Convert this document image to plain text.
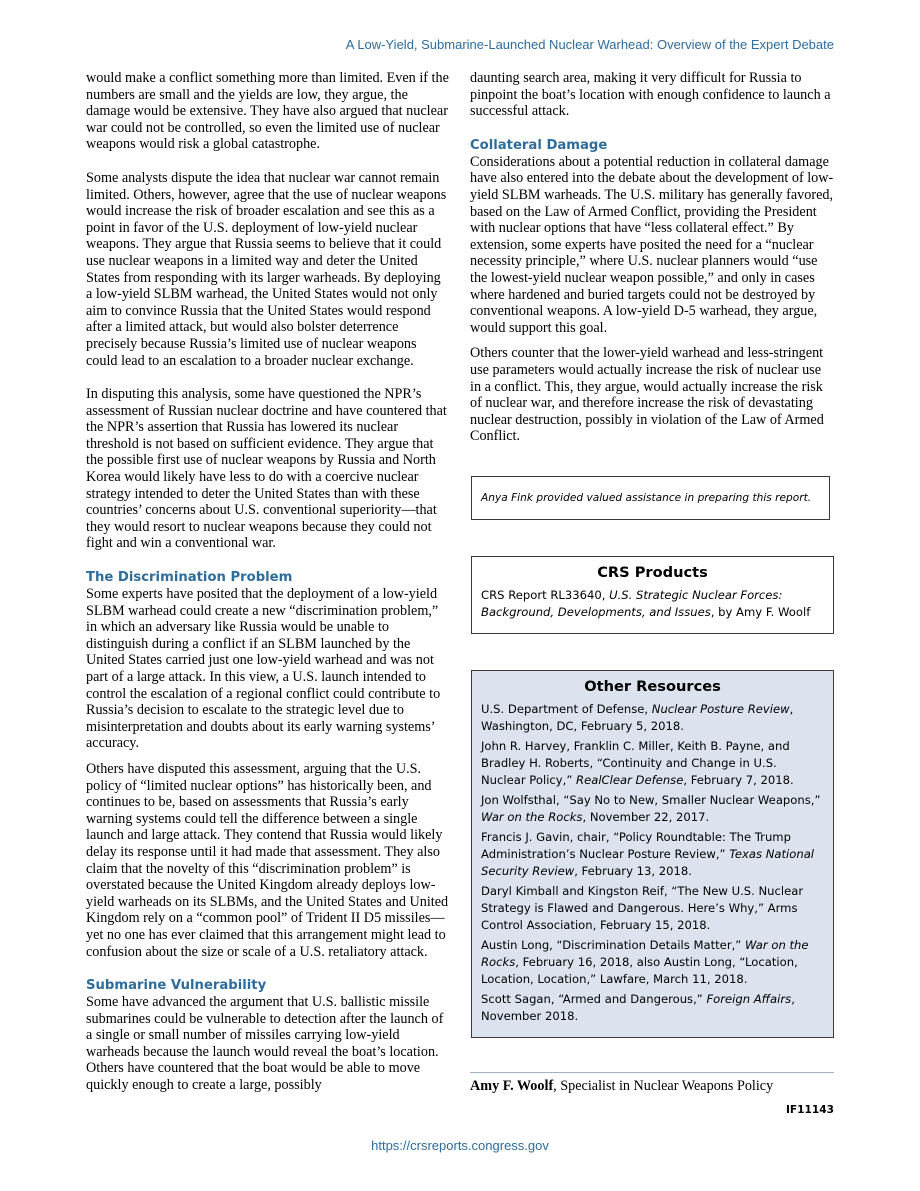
A Low-Yield, Submarine-Launched Nuclear Warhead: Overview of the Expert Debate

would make a conflict something more than limited. Even if the numbers are small and the yields are low, they argue, the damage would be extensive. They have also argued that nuclear war could not be controlled, so even the limited use of nuclear weapons would risk a global catastrophe.

Some analysts dispute the idea that nuclear war cannot remain limited. Others, however, agree that the use of nuclear weapons would increase the risk of broader escalation and see this as a point in favor of the U.S. deployment of low-yield nuclear weapons. They argue that Russia seems to believe that it could use nuclear weapons in a limited way and deter the United States from responding with its larger warheads. By deploying a low-yield SLBM warhead, the United States would not only aim to convince Russia that the United States would respond after a limited attack, but would also bolster deterrence precisely because Russia’s limited use of nuclear weapons could lead to an escalation to a broader nuclear exchange.

In disputing this analysis, some have questioned the NPR’s assessment of Russian nuclear doctrine and have countered that the NPR’s assertion that Russia has lowered its nuclear threshold is not based on sufficient evidence. They argue that the possible first use of nuclear weapons by Russia and North Korea would likely have less to do with a coercive nuclear strategy intended to deter the United States than with these countries’ concerns about U.S. conventional superiority—that they would resort to nuclear weapons because they could not fight and win a conventional war.

The Discrimination Problem

Some experts have posited that the deployment of a low-yield SLBM warhead could create a new “discrimination problem,” in which an adversary like Russia would be unable to distinguish during a conflict if an SLBM launched by the United States carried just one low-yield warhead and was not part of a large attack. In this view, a U.S. launch intended to control the escalation of a regional conflict could contribute to Russia’s decision to escalate to the strategic level due to misinterpretation and doubts about its early warning systems’ accuracy.

Others have disputed this assessment, arguing that the U.S. policy of “limited nuclear options” has historically been, and continues to be, based on assessments that Russia’s early warning systems could tell the difference between a single launch and large attack. They contend that Russia would likely delay its response until it had made that assessment. They also claim that the novelty of this “discrimination problem” is overstated because the United Kingdom already deploys low-yield warheads on its SLBMs, and the United States and United Kingdom rely on a “common pool” of Trident II D5 missiles—yet no one has ever claimed that this arrangement might lead to confusion about the size or scale of a U.S. retaliatory attack.

Submarine Vulnerability

Some have advanced the argument that U.S. ballistic missile submarines could be vulnerable to detection after the launch of a single or small number of missiles carrying low-yield warheads because the launch would reveal the boat’s location. Others have countered that the boat would be able to move quickly enough to create a large, possibly

daunting search area, making it very difficult for Russia to pinpoint the boat’s location with enough confidence to launch a successful attack.

Collateral Damage

Considerations about a potential reduction in collateral damage have also entered into the debate about the development of low-yield SLBM warheads. The U.S. military has generally favored, based on the Law of Armed Conflict, providing the President with nuclear options that have “less collateral effect.” By extension, some experts have posited the need for a “nuclear necessity principle,” where U.S. nuclear planners would “use the lowest-yield nuclear weapon possible,” and only in cases where hardened and buried targets could not be destroyed by conventional weapons. A low-yield D-5 warhead, they argue, would support this goal.

Others counter that the lower-yield warhead and less-stringent use parameters would actually increase the risk of nuclear use in a conflict. This, they argue, would actually increase the risk of nuclear war, and therefore increase the risk of devastating nuclear destruction, possibly in violation of the Law of Armed Conflict.

Anya Fink provided valued assistance in preparing this report.
CRS Products
CRS Report RL33640, U.S. Strategic Nuclear Forces: Background, Developments, and Issues, by Amy F. Woolf
Other Resources
U.S. Department of Defense, Nuclear Posture Review, Washington, DC, February 5, 2018.
John R. Harvey, Franklin C. Miller, Keith B. Payne, and Bradley H. Roberts, “Continuity and Change in U.S. Nuclear Policy,” RealClear Defense, February 7, 2018.
Jon Wolfsthal, “Say No to New, Smaller Nuclear Weapons,” War on the Rocks, November 22, 2017.
Francis J. Gavin, chair, “Policy Roundtable: The Trump Administration’s Nuclear Posture Review,” Texas National Security Review, February 13, 2018.
Daryl Kimball and Kingston Reif, “The New U.S. Nuclear Strategy is Flawed and Dangerous. Here’s Why,” Arms Control Association, February 15, 2018.
Austin Long, “Discrimination Details Matter,” War on the Rocks, February 16, 2018, also Austin Long, “Location, Location, Location,” Lawfare, March 11, 2018.
Scott Sagan, “Armed and Dangerous,” Foreign Affairs, November 2018.
Amy F. Woolf, Specialist in Nuclear Weapons Policy
IF11143
https://crsreports.congress.gov
